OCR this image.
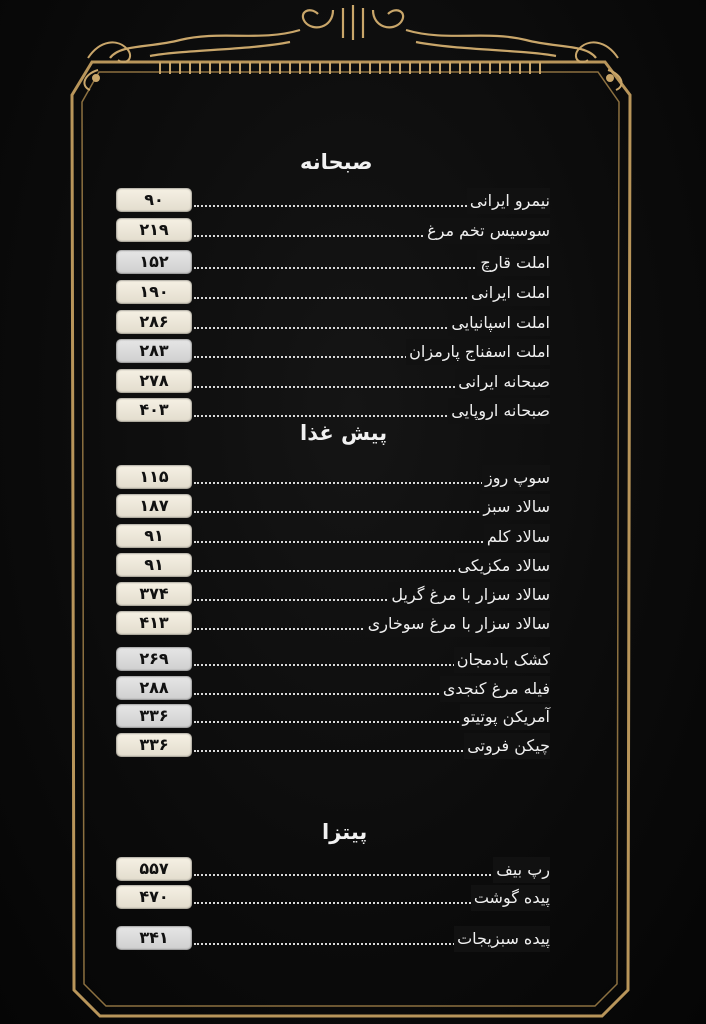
صبحانه
نیمرو ایرانی
۹۰
سوسیس تخم مرغ
۲۱۹
املت قارچ
۱۵۲
املت ایرانی
۱۹۰
املت اسپانیایی
۲۸۶
املت اسفناج پارمزان
۲۸۳
صبحانه ایرانی
۲۷۸
صبحانه اروپایی
۴۰۳
پیش غذا
سوپ روز
۱۱۵
سالاد سبز
۱۸۷
سالاد کلم
۹۱
سالاد مکزیکی
۹۱
سالاد سزار با مرغ گریل
۳۷۴
سالاد سزار با مرغ سوخاری
۴۱۳
کشک بادمجان
۲۶۹
فیله مرغ کنجدی
۲۸۸
آمریکن پوتیتو
۳۳۶
چیکن فروتی
۳۳۶
پیتزا
رپ بیف
۵۵۷
پیده گوشت
۴۷۰
پیده سبزیجات
۳۴۱
